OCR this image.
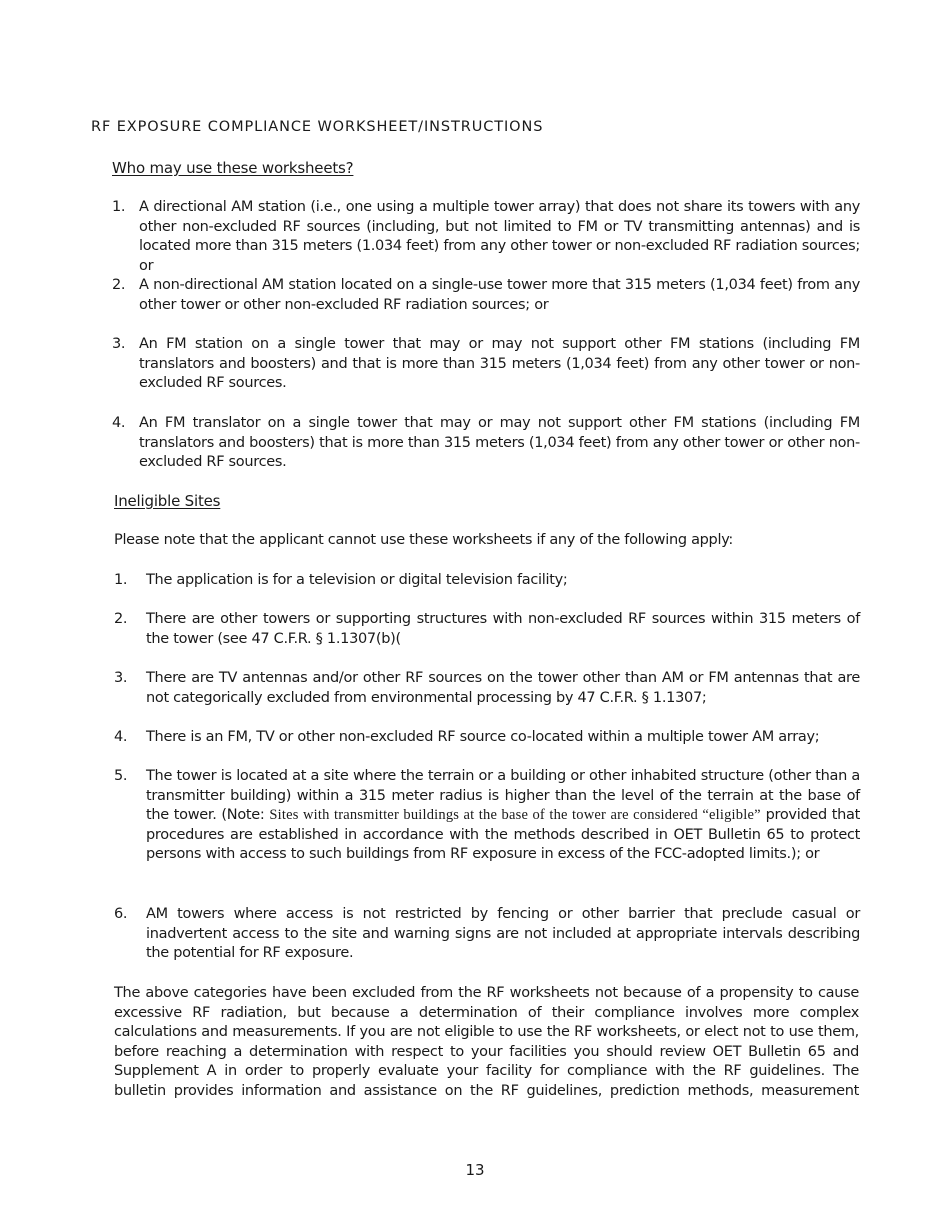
RF EXPOSURE COMPLIANCE WORKSHEET/INSTRUCTIONS
Who may use these worksheets?
1. A directional AM station (i.e., one using a multiple tower array) that does not share its towers with any other non-excluded RF sources (including, but not limited to FM or TV transmitting antennas) and is located more than 315 meters (1.034 feet) from any other tower or non-excluded RF radiation sources; or
2. A non-directional AM station located on a single-use tower more that 315 meters (1,034 feet) from any other tower or other non-excluded RF radiation sources; or
3. An FM station on a single tower that may or may not support other FM stations (including FM translators and boosters) and that is more than 315 meters (1,034 feet) from any other tower or non-excluded RF sources.
4. An FM translator on a single tower that may or may not support other FM stations (including FM translators and boosters) that is more than 315 meters (1,034 feet) from any other tower or other non-excluded RF sources.
Ineligible Sites
Please note that the applicant cannot use these worksheets if any of the following apply:
1. The application is for a television or digital television facility;
2. There are other towers or supporting structures with non-excluded RF sources within 315 meters of the tower (see 47 C.F.R. § 1.1307(b)(
3. There are TV antennas and/or other RF sources on the tower other than AM or FM antennas that are not categorically excluded from environmental processing by 47 C.F.R. § 1.1307;
4. There is an FM, TV or other non-excluded RF source co-located within a multiple tower AM array;
5. The tower is located at a site where the terrain or a building or other inhabited structure (other than a transmitter building) within a 315 meter radius is higher than the level of the terrain at the base of the tower. (Note: Sites with transmitter buildings at the base of the tower are considered “eligible” provided that procedures are established in accordance with the methods described in OET Bulletin 65 to protect persons with access to such buildings from RF exposure in excess of the FCC-adopted limits.); or
6. AM towers where access is not restricted by fencing or other barrier that preclude casual or inadvertent access to the site and warning signs are not included at appropriate intervals describing the potential for RF exposure.
The above categories have been excluded from the RF worksheets not because of a propensity to cause
excessive RF radiation, but because a determination of their compliance involves more complex
calculations and measurements. If you are not eligible to use the RF worksheets, or elect not to use them,
before reaching a determination with respect to your facilities you should review OET Bulletin 65 and
Supplement A in order to properly evaluate your facility for compliance with the RF guidelines. The
bulletin provides information and assistance on the RF guidelines, prediction methods, measurement
13
